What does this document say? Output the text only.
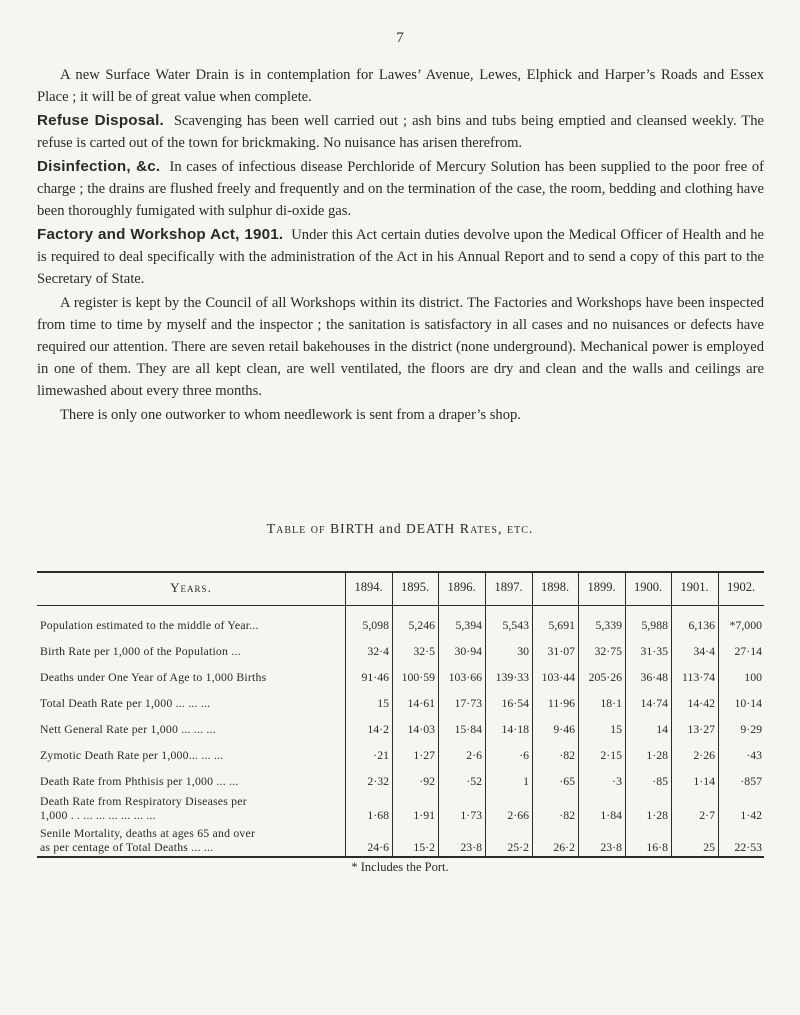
7

A new Surface Water Drain is in contemplation for Lawes’ Avenue, Lewes, Elphick and Harper’s Roads and Essex Place ; it will be of great value when complete.

Refuse Disposal. Scavenging has been well carried out ; ash bins and tubs being emptied and cleansed weekly. The refuse is carted out of the town for brickmaking. No nuisance has arisen therefrom.

Disinfection, &c. In cases of infectious disease Perchloride of Mercury Solution has been supplied to the poor free of charge ; the drains are flushed freely and frequently and on the termination of the case, the room, bedding and clothing have been thoroughly fumigated with sulphur di-oxide gas.

Factory and Workshop Act, 1901. Under this Act certain duties devolve upon the Medical Officer of Health and he is required to deal specifically with the administration of the Act in his Annual Report and to send a copy of this part to the Secretary of State.

A register is kept by the Council of all Workshops within its district. The Factories and Workshops have been inspected from time to time by myself and the inspector ; the sanitation is satisfactory in all cases and no nuisances or defects have required our attention. There are seven retail bakehouses in the district (none underground). Mechanical power is employed in one of them. They are all kept clean, are well ventilated, the floors are dry and clean and the walls and ceilings are limewashed about every three months.

There is only one outworker to whom needlework is sent from a draper’s shop.

Table of BIRTH and DEATH Rates, etc.
Years.	1894.	1895.	1896.	1897.	1898.	1899.	1900.	1901.	1902.
Population estimated to the middle of Year...	5,098	5,246	5,394	5,543	5,691	5,339	5,988	6,136	*7,000
Birth Rate per 1,000 of the Population ...	32·4	32·5	30·94	30	31·07	32·75	31·35	34·4	27·14
Deaths under One Year of Age to 1,000 Births	91·46	100·59	103·66	139·33	103·44	205·26	36·48	113·74	100
Total Death Rate per 1,000 ... ... ...	15	14·61	17·73	16·54	11·96	18·1	14·74	14·42	10·14
Nett General Rate per 1,000 ... ... ...	14·2	14·03	15·84	14·18	9·46	15	14	13·27	9·29
Zymotic Death Rate per 1,000... ... ...	·21	1·27	2·6	·6	·82	2·15	1·28	2·26	·43
Death Rate from Phthisis per 1,000 ... ...	2·32	·92	·52	1	·65	·3	·85	1·14	·857
Death Rate from Respiratory Diseases per
1,000 . . ... ... ... ... ... ...	1·68	1·91	1·73	2·66	·82	1·84	1·28	2·7	1·42
Senile Mortality, deaths at ages 65 and over
as per centage of Total Deaths ... ...	24·6	15·2	23·8	25·2	26·2	23·8	16·8	25	22·53
* Includes the Port.
